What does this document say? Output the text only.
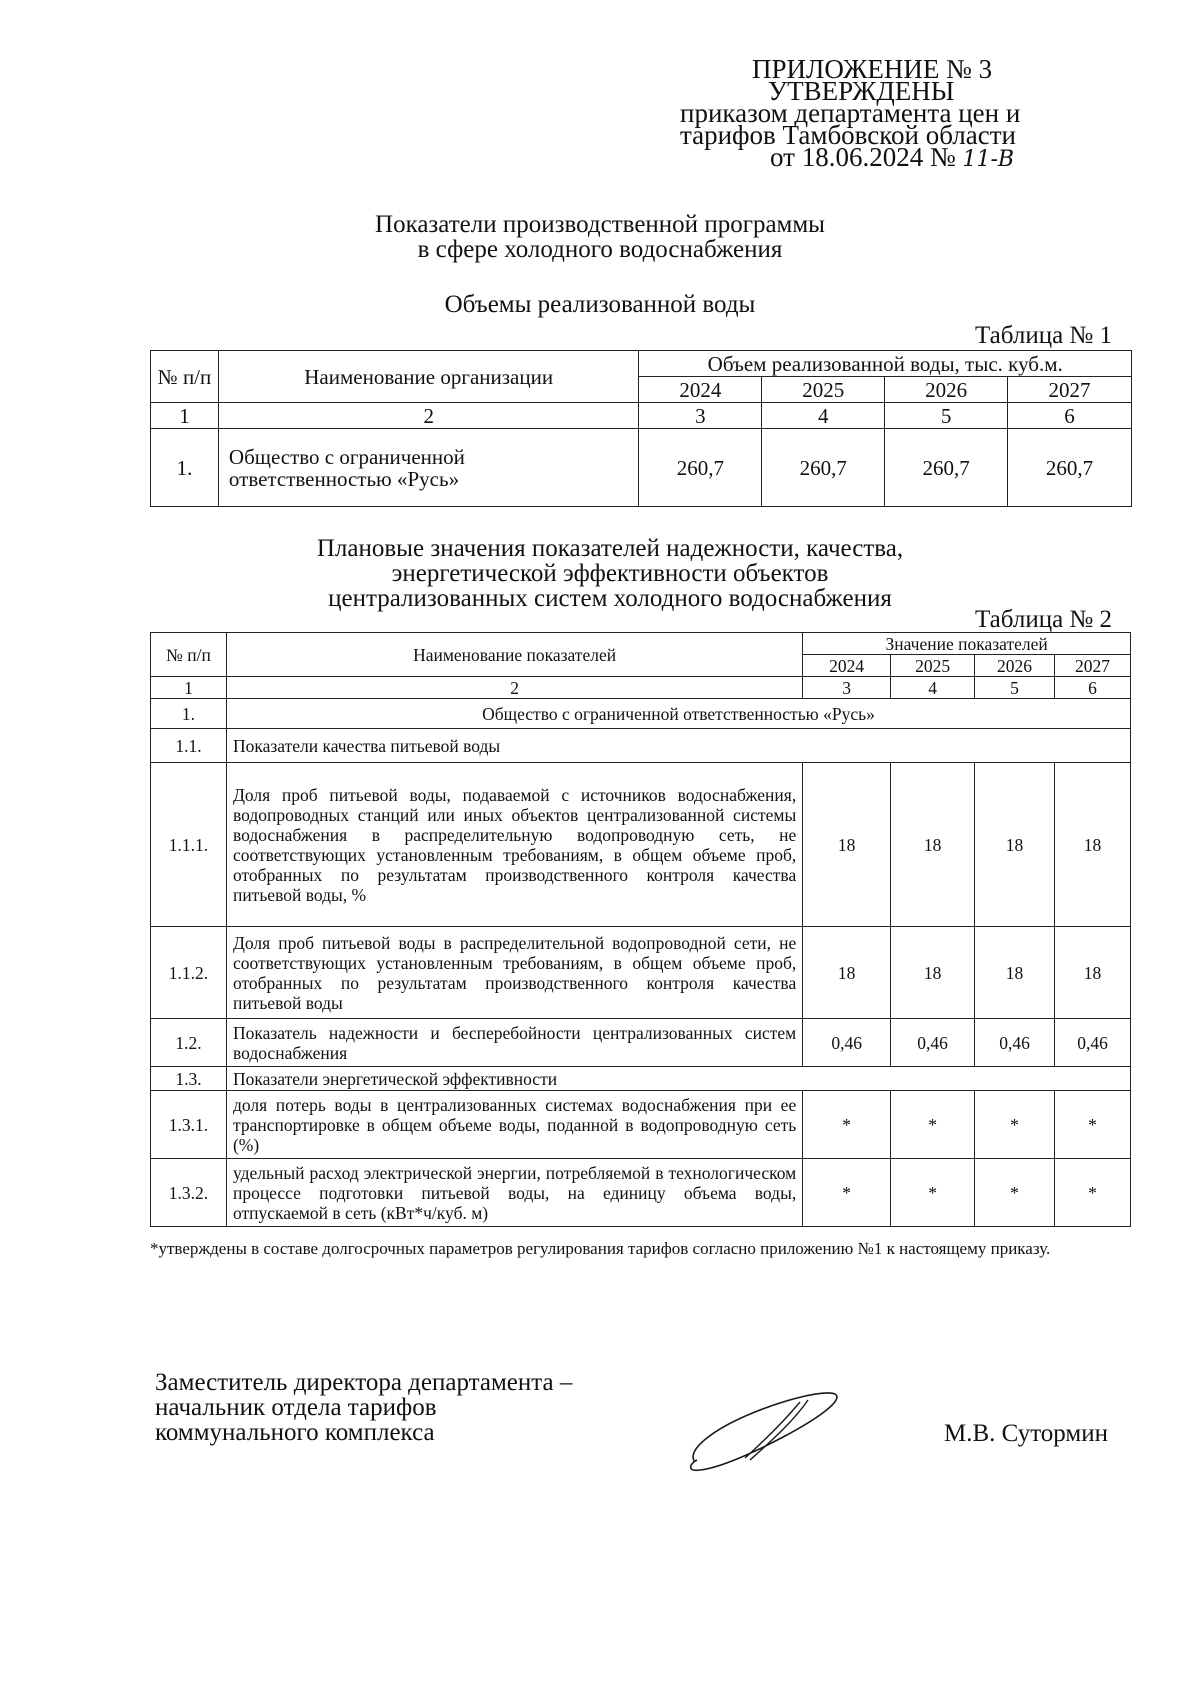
ПРИЛОЖЕНИЕ № 3
УТВЕРЖДЕНЫ
приказом департамента цен и
тарифов Тамбовской области
от 18.06.2024 № 11-В
Показатели производственной программы
в сфере холодного водоснабжения
Объемы реализованной воды
Таблица № 1
№ п/п	Наименование организации	Объем реализованной воды, тыс. куб.м.			
		2024	2025	2026	2027
1	2	3	4	5	6
1.	Общество с ограниченной ответственностью «Русь»	260,7	260,7	260,7	260,7
Плановые значения показателей надежности, качества,
энергетической эффективности объектов
централизованных систем холодного водоснабжения
Таблица № 2
№ п/п	Наименование показателей	Значение показателей			
		2024	2025	2026	2027
1	2	3	4	5	6
1.	Общество с ограниченной ответственностью «Русь»				
1.1.	Показатели качества питьевой воды				
1.1.1.	Доля проб питьевой воды, подаваемой с источников водоснабжения, водопроводных станций или иных объектов централизованной системы водоснабжения в распределительную водопроводную сеть, не соответствующих установленным требованиям, в общем объеме проб, отобранных по результатам производственного контроля качества питьевой воды, %	18	18	18	18
1.1.2.	Доля проб питьевой воды в распределительной водопроводной сети, не соответствующих установленным требованиям, в общем объеме проб, отобранных по результатам производственного контроля качества питьевой воды	18	18	18	18
1.2.	Показатель надежности и бесперебойности централизованных систем водоснабжения	0,46	0,46	0,46	0,46
1.3.	Показатели энергетической эффективности				
1.3.1.	доля потерь воды в централизованных системах водоснабжения при ее транспортировке в общем объеме воды, поданной в водопроводную сеть (%)	*	*	*	*
1.3.2.	удельный расход электрической энергии, потребляемой в технологическом процессе подготовки питьевой воды, на единицу объема воды, отпускаемой в сеть (кВт*ч/куб. м)	*	*	*	*
*утверждены в составе долгосрочных параметров регулирования тарифов согласно приложению №1 к настоящему приказу.
Заместитель директора департамента –
начальник отдела тарифов
коммунального комплекса	М.В. Сутормин
